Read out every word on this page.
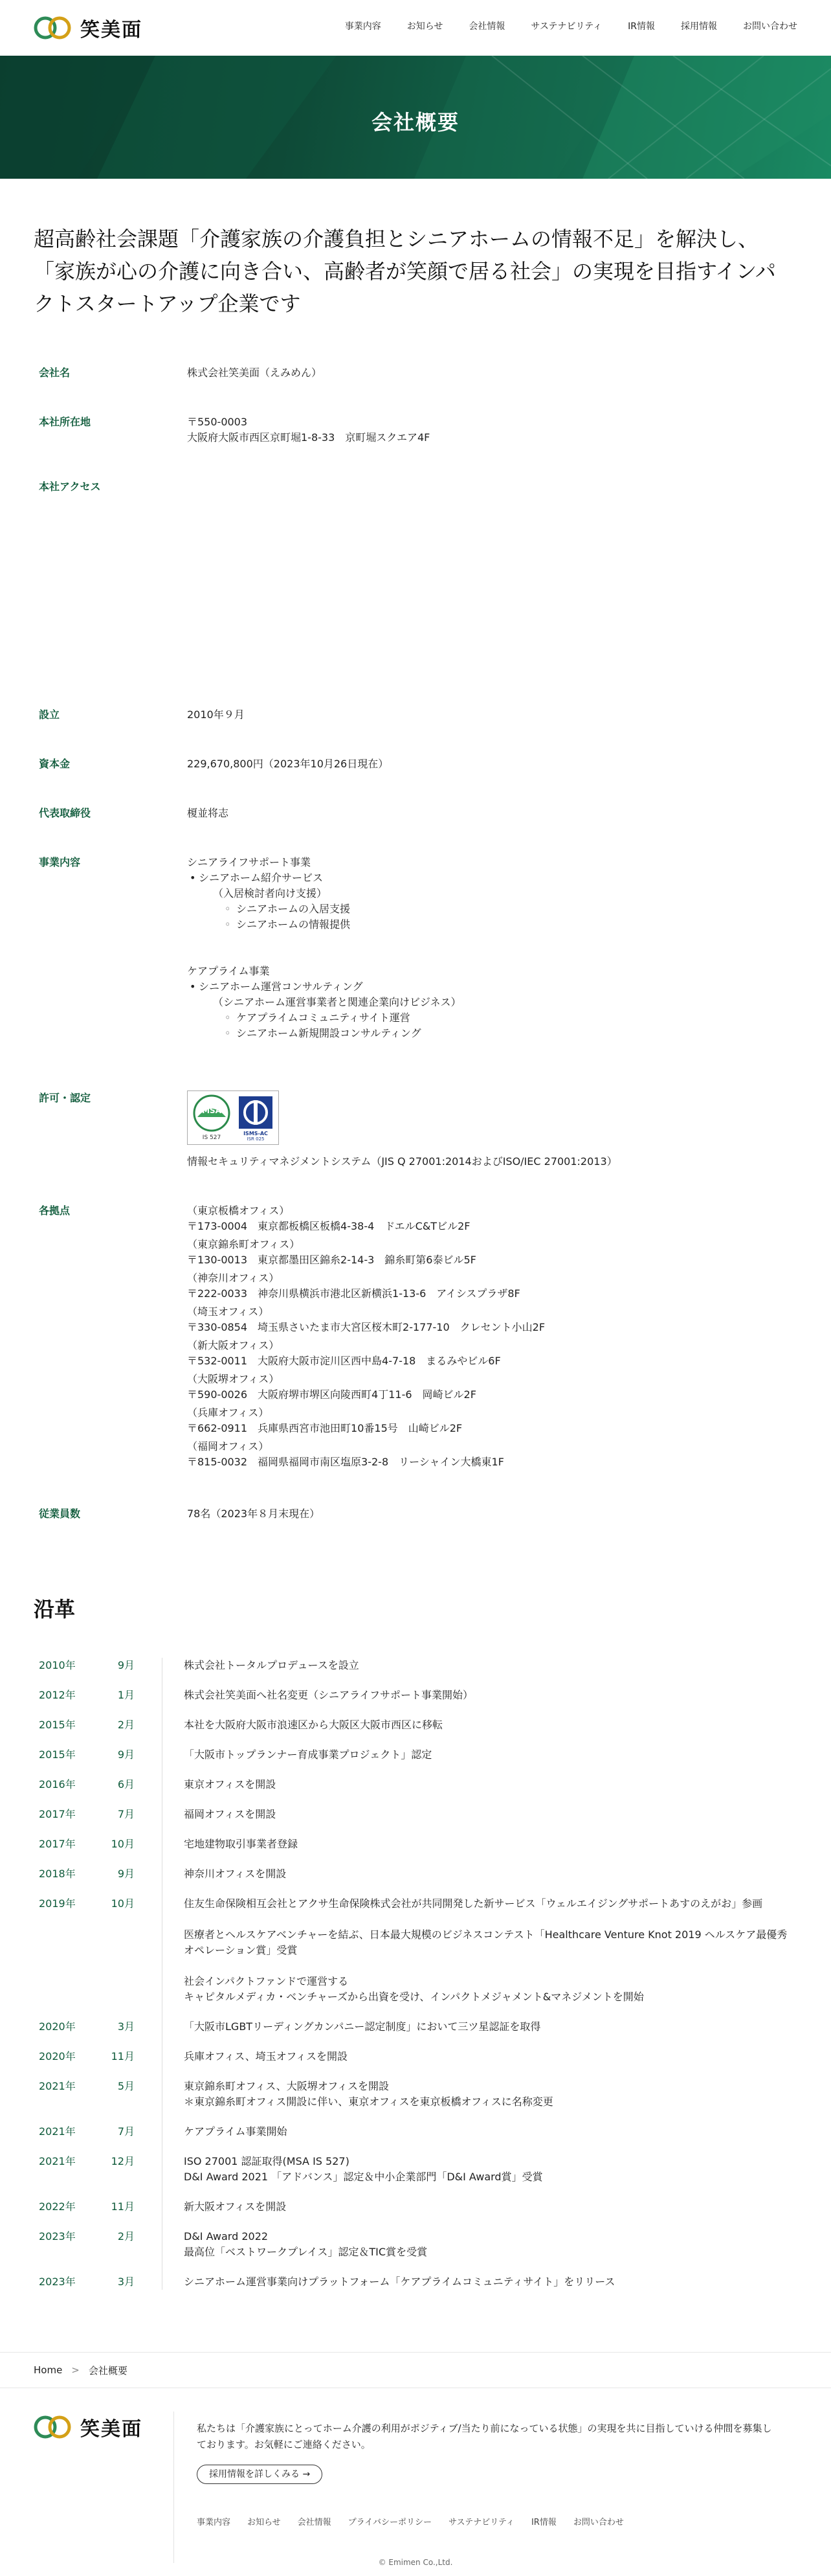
笑美面	事業内容	お知らせ	会社情報	サステナビリティ	IR情報	採用情報	お問い合わせ
会社概要
超高齢社会課題「介護家族の介護負担とシニアホームの情報不足」を解決し、
「家族が心の介護に向き合い、高齢者が笑顔で居る社会」の実現を目指すインパ
クトスタートアップ企業です
会社名	株式会社笑美面（えみめん）
本社所在地	〒550-0003
大阪府大阪市西区京町堀1-8-33　京町堀スクエア4F
本社アクセス
設立	2010年９月
資本金	229,670,800円（2023年10月26日現在）
代表取締役	榎並将志
事業内容	シニアライフサポート事業
• シニアホーム紹介サービス
（入居検討者向け支援）
◦ シニアホームの入居支援
◦ シニアホームの情報提供
ケアプライム事業
• シニアホーム運営コンサルティング
（シニアホーム運営事業者と関連企業向けビジネス）
◦ ケアプライムコミュニティサイト運営
◦ シニアホーム新規開設コンサルティング
許可・認定
MSA
IS 527
ISMS-AC
ISR 025
情報セキュリティマネジメントシステム（JIS Q 27001:2014およびISO/IEC 27001:2013）
各拠点	（東京板橋オフィス）
〒173-0004　東京都板橋区板橋4-38-4　ドエルC&Tビル2F
（東京錦糸町オフィス）
〒130-0013　東京都墨田区錦糸2-14-3　錦糸町第6泰ビル5F
（神奈川オフィス）
〒222-0033　神奈川県横浜市港北区新横浜1-13-6　アイシスプラザ8F
（埼玉オフィス）
〒330-0854　埼玉県さいたま市大宮区桜木町2-177-10　クレセント小山2F
（新大阪オフィス）
〒532-0011　大阪府大阪市淀川区西中島4-7-18　まるみやビル6F
（大阪堺オフィス）
〒590-0026　大阪府堺市堺区向陵西町4丁11-6　岡崎ビル2F
（兵庫オフィス）
〒662-0911　兵庫県西宮市池田町10番15号　山崎ビル2F
（福岡オフィス）
〒815-0032　福岡県福岡市南区塩原3-2-8　リーシャイン大橋東1F
従業員数	78名（2023年８月末現在）
沿革
2010年	9月	株式会社トータルプロデュースを設立

2012年	1月	株式会社笑美面へ社名変更（シニアライフサポート事業開始）

2015年	2月	本社を大阪府大阪市浪速区から大阪区大阪市西区に移転

2015年	9月	「大阪市トップランナー育成事業プロジェクト」認定

2016年	6月	東京オフィスを開設

2017年	7月	福岡オフィスを開設

2017年	10月	宅地建物取引事業者登録

2018年	9月	神奈川オフィスを開設

2019年	10月	住友生命保険相互会社とアクサ生命保険株式会社が共同開発した新サービス「ウェルエイジングサポートあすのえがお」参画

医療者とヘルスケアベンチャーを結ぶ、日本最大規模のビジネスコンテスト「Healthcare Venture Knot 2019 ヘルスケア最優秀オペレーション賞」受賞

社会インパクトファンドで運営する
キャピタルメディカ・ベンチャーズから出資を受け、インパクトメジャメント&マネジメントを開始

2020年	3月	「大阪市LGBTリーディングカンパニー認定制度」において三ツ星認証を取得

2020年	11月	兵庫オフィス、埼玉オフィスを開設

2021年	5月	東京錦糸町オフィス、大阪堺オフィスを開設
＊東京錦糸町オフィス開設に伴い、東京オフィスを東京板橋オフィスに名称変更

2021年	7月	ケアプライム事業開始

2021年	12月	ISO 27001 認証取得(MSA IS 527)
D&I Award 2021 「アドバンス」認定＆中小企業部門「D&I Award賞」受賞

2022年	11月	新大阪オフィスを開設

2023年	2月	D&I Award 2022
最高位「ベストワークプレイス」認定＆TIC賞を受賞

2023年	3月	シニアホーム運営事業向けプラットフォーム「ケアプライムコミュニティサイト」をリリース

Home > 会社概要
笑美面	私たちは「介護家族にとってホーム介護の利用がポジティブ/当たり前になっている状態」の実現を共に目指していける仲間を募集しております。お気軽にご連絡ください。

採用情報を詳しくみる →
事業内容 お知らせ 会社情報 プライバシーポリシー サステナビリティ IR情報 お問い合わせ
© Emimen Co.,Ltd.
